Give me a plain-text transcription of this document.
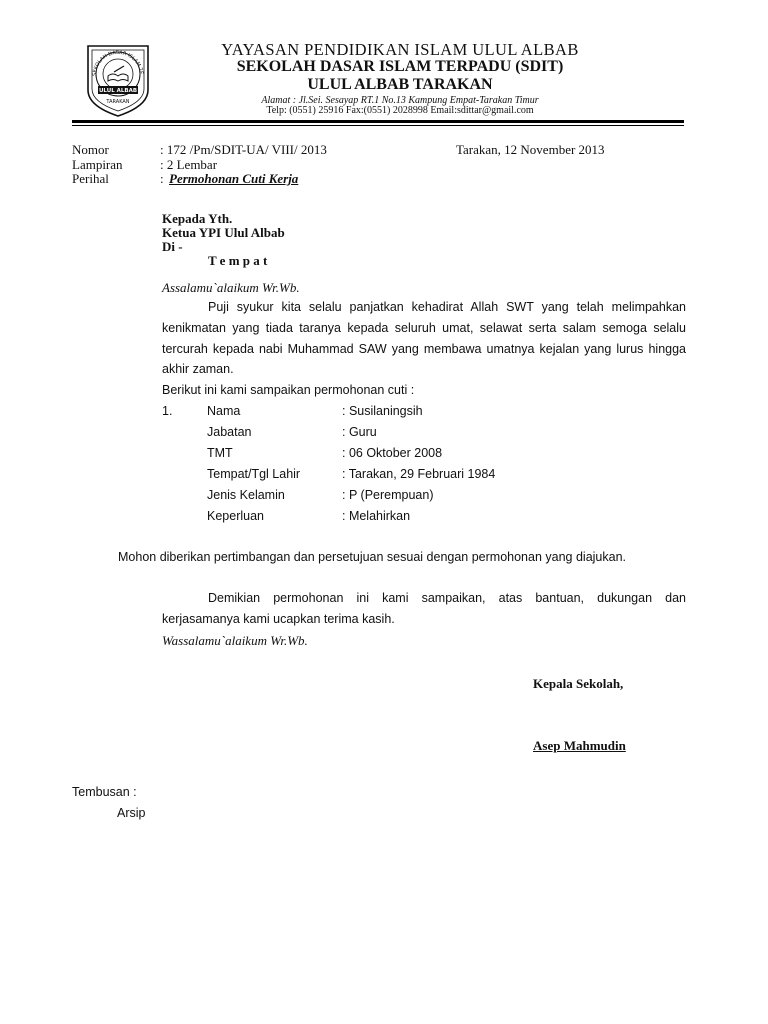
SEKOLAH DASAR ISLAM TE
ULUL ALBAB
TARAKAN
YAYASAN PENDIDIKAN ISLAM ULUL ALBAB
SEKOLAH DASAR ISLAM TERPADU (SDIT)
ULUL ALBAB TARAKAN
Alamat : Jl.Sei. Sesayap RT.1 No.13 Kampung Empat-Tarakan Timur
Telp: (0551) 25916 Fax:(0551) 2028998 Email:sdittar@gmail.com
Nomor	: 172 /Pm/SDIT-UA/ VIII/ 2013	Tarakan, 12 November 2013
Lampiran	: 2 Lembar
Perihal	: Permohonan Cuti Kerja
Kepada Yth.
Ketua YPI Ulul Albab
Di -
T e m p a t
Assalamu`alaikum Wr.Wb.
Puji syukur kita selalu panjatkan kehadirat Allah SWT yang telah melimpahkan
kenikmatan yang tiada taranya kepada seluruh umat, selawat serta salam semoga selalu
tercurah kepada nabi Muhammad SAW yang membawa umatnya kejalan yang lurus hingga
akhir zaman.
Berikut ini kami sampaikan permohonan cuti :
1.	Nama	: Susilaningsih
Jabatan	: Guru
TMT	: 06 Oktober 2008
Tempat/Tgl Lahir	: Tarakan, 29 Februari 1984
Jenis Kelamin	: P (Perempuan)
Keperluan	: Melahirkan
Mohon diberikan pertimbangan dan persetujuan sesuai dengan permohonan yang diajukan.
Demikian permohonan ini kami sampaikan, atas bantuan, dukungan dan
kerjasamanya kami ucapkan terima kasih.
Wassalamu`alaikum Wr.Wb.
Kepala Sekolah,
Asep Mahmudin
Tembusan :
Arsip
